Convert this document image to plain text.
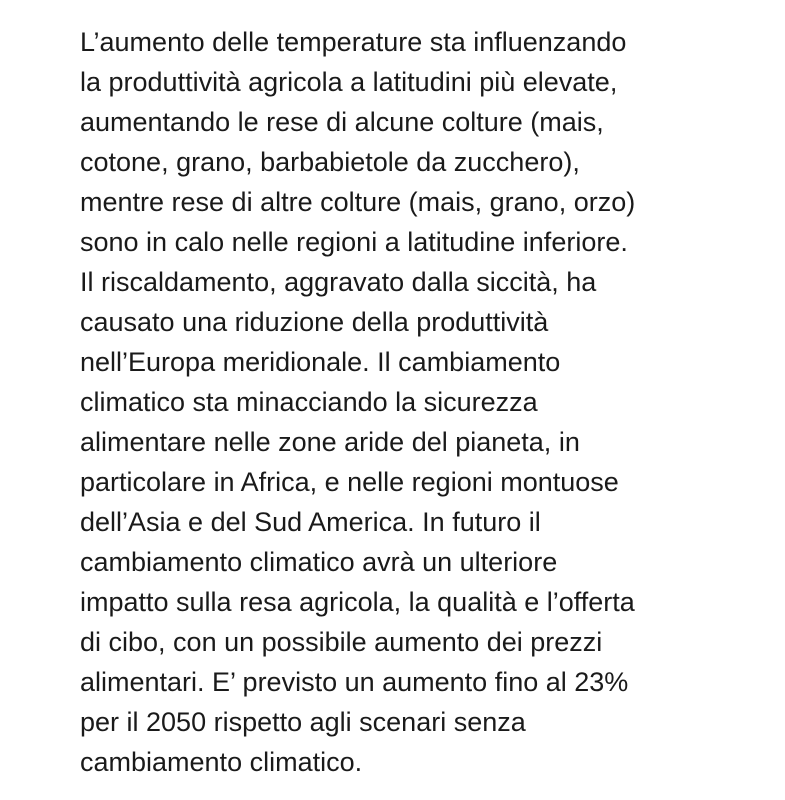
L’aumento delle temperature sta influenzando
la produttività agricola a latitudini più elevate,
aumentando le rese di alcune colture (mais,
cotone, grano, barbabietole da zucchero),
mentre rese di altre colture (mais, grano, orzo)
sono in calo nelle regioni a latitudine inferiore.
Il riscaldamento, aggravato dalla siccità, ha
causato una riduzione della produttività
nell’Europa meridionale. Il cambiamento
climatico sta minacciando la sicurezza
alimentare nelle zone aride del pianeta, in
particolare in Africa, e nelle regioni montuose
dell’Asia e del Sud America. In futuro il
cambiamento climatico avrà un ulteriore
impatto sulla resa agricola, la qualità e l’offerta
di cibo, con un possibile aumento dei prezzi
alimentari. E’ previsto un aumento fino al 23%
per il 2050 rispetto agli scenari senza
cambiamento climatico.
